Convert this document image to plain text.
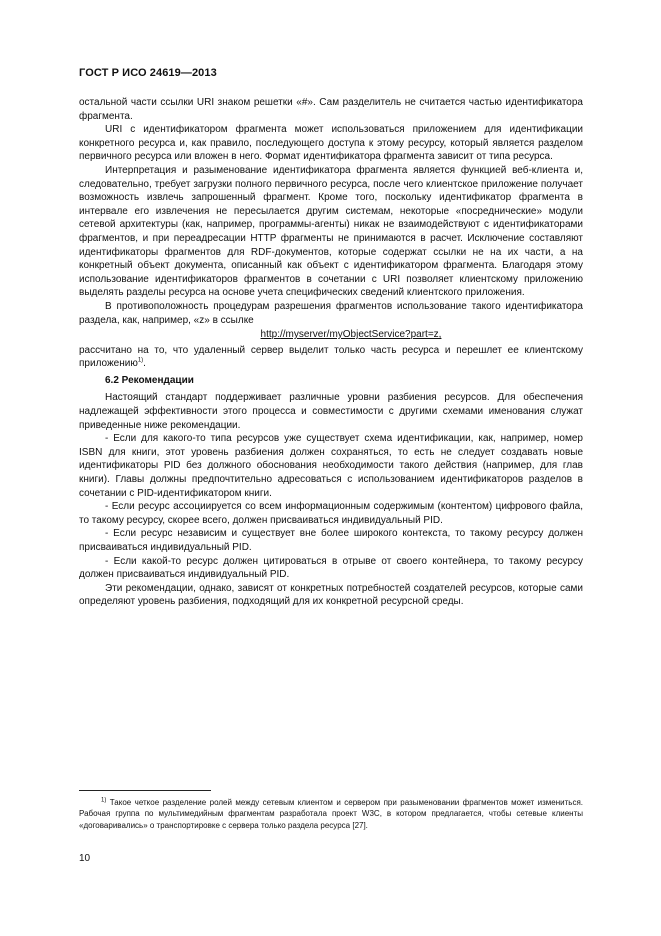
ГОСТ Р ИСО 24619—2013

остальной части ссылки URI знаком решетки «#». Сам разделитель не считается частью идентификатора фрагмента.

URI с идентификатором фрагмента может использоваться приложением для идентификации конкретного ресурса и, как правило, последующего доступа к этому ресурсу, который является разделом первичного ресурса или вложен в него. Формат идентификатора фрагмента зависит от типа ресурса.

Интерпретация и разыменование идентификатора фрагмента является функцией веб-клиента и, следовательно, требует загрузки полного первичного ресурса, после чего клиентское приложение получает возможность извлечь запрошенный фрагмент. Кроме того, поскольку идентификатор фрагмента в интервале его извлечения не пересылается другим системам, некоторые «посреднические» модули сетевой архитектуры (как, например, программы-агенты) никак не взаимодействуют с идентификаторами фрагментов, и при переадресации HTTP фрагменты не принимаются в расчет. Исключение составляют идентификаторы фрагментов для RDF-документов, которые содержат ссылки не на их части, а на конкретный объект документа, описанный как объект с идентификатором фрагмента. Благодаря этому использование идентификаторов фрагментов в сочетании с URI позволяет клиентскому приложению выделять разделы ресурса на основе учета специфических сведений клиентского приложения.

В противоположность процедурам разрешения фрагментов использование такого идентификатора раздела, как, например, «z» в ссылке

http://myserver/myObjectService?part=z,

рассчитано на то, что удаленный сервер выделит только часть ресурса и перешлет ее клиентскому приложению$^{1)}$.

6.2 Рекомендации

Настоящий стандарт поддерживает различные уровни разбиения ресурсов. Для обеспечения надлежащей эффективности этого процесса и совместимости с другими схемами именования служат приведенные ниже рекомендации.

- Если для какого-то типа ресурсов уже существует схема идентификации, как, например, номер ISBN для книги, этот уровень разбиения должен сохраняться, то есть не следует создавать новые идентификаторы PID без должного обоснования необходимости такого действия (например, для глав книги). Главы должны предпочтительно адресоваться с использованием идентификаторов разделов в сочетании с PID-идентификатором книги.

- Если ресурс ассоциируется со всем информационным содержимым (контентом) цифрового файла, то такому ресурсу, скорее всего, должен присваиваться индивидуальный PID.

- Если ресурс независим и существует вне более широкого контекста, то такому ресурсу должен присваиваться индивидуальный PID.

- Если какой-то ресурс должен цитироваться в отрыве от своего контейнера, то такому ресурсу должен присваиваться индивидуальный PID.

Эти рекомендации, однако, зависят от конкретных потребностей создателей ресурсов, которые сами определяют уровень разбиения, подходящий для их конкретной ресурсной среды.

$^{1)}$ Такое четкое разделение ролей между сетевым клиентом и сервером при разыменовании фрагментов может измениться. Рабочая группа по мультимедийным фрагментам разработала проект W3C, в котором предлагается, чтобы сетевые клиенты «договаривались» о транспортировке с сервера только раздела ресурса [27].
10
